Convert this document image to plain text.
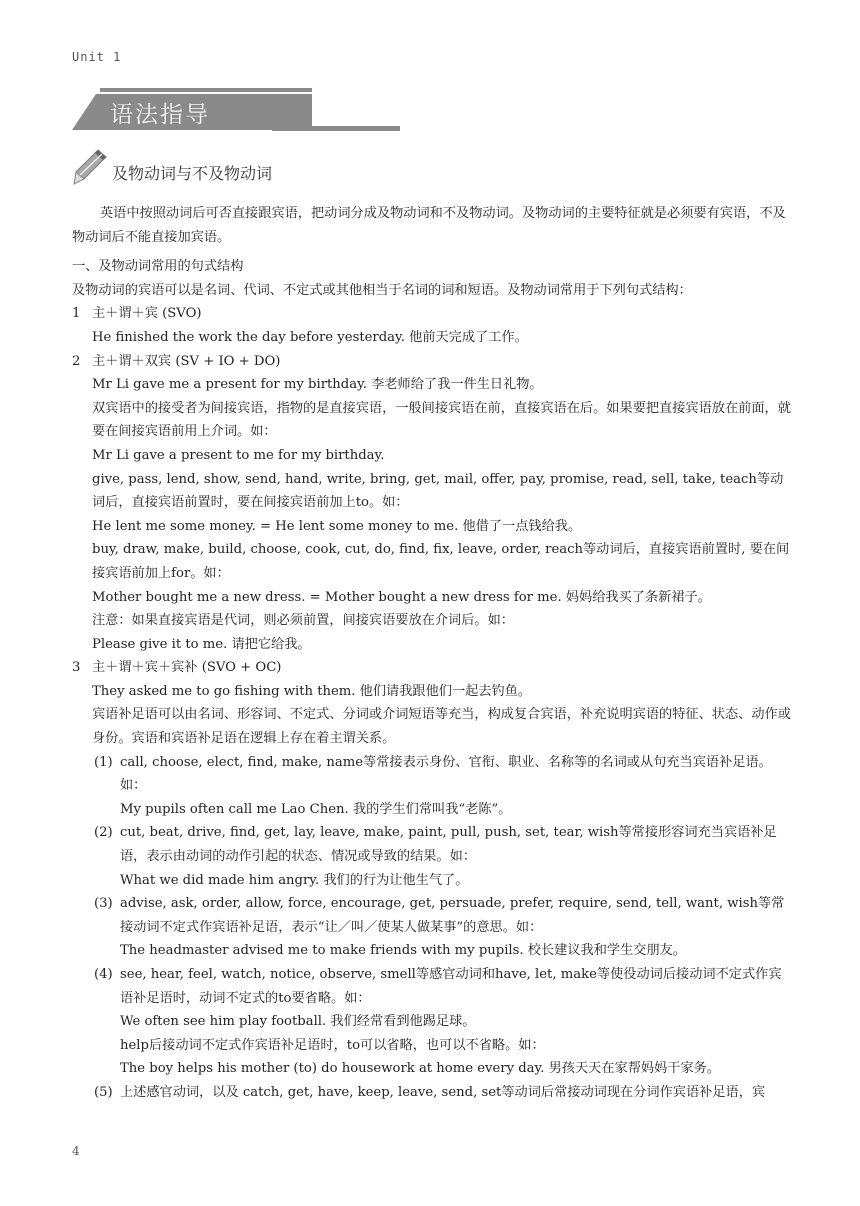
Unit 1
语法指导
及物动词与不及物动词

英语中按照动词后可否直接跟宾语，把动词分成及物动词和不及物动词。及物动词的主要特征就是必须要有宾语，不及物动词后不能直接加宾语。

一、及物动词常用的句式结构

及物动词的宾语可以是名词、代词、不定式或其他相当于名词的词和短语。及物动词常用于下列句式结构：

1 主＋谓＋宾 (SVO)

He finished the work the day before yesterday. 他前天完成了工作。

2 主＋谓＋双宾 (SV + IO + DO)

Mr Li gave me a present for my birthday. 李老师给了我一件生日礼物。

双宾语中的接受者为间接宾语，指物的是直接宾语，一般间接宾语在前，直接宾语在后。如果要把直接宾语放在前面，就要在间接宾语前用上介词。如：

Mr Li gave a present to me for my birthday.

give, pass, lend, show, send, hand, write, bring, get, mail, offer, pay, promise, read, sell, take, teach等动词后，直接宾语前置时，要在间接宾语前加上to。如：

He lent me some money. = He lent some money to me. 他借了一点钱给我。

buy, draw, make, build, choose, cook, cut, do, find, fix, leave, order, reach等动词后，直接宾语前置时, 要在间接宾语前加上for。如：

Mother bought me a new dress. = Mother bought a new dress for me. 妈妈给我买了条新裙子。

注意：如果直接宾语是代词，则必须前置，间接宾语要放在介词后。如：

Please give it to me. 请把它给我。

3 主＋谓＋宾＋宾补 (SVO + OC)

They asked me to go fishing with them. 他们请我跟他们一起去钓鱼。

宾语补足语可以由名词、形容词、不定式、分词或介词短语等充当，构成复合宾语，补充说明宾语的特征、状态、动作或身份。宾语和宾语补足语在逻辑上存在着主谓关系。

(1) call, choose, elect, find, make, name等常接表示身份、官衔、职业、名称等的名词或从句充当宾语补足语。如：

My pupils often call me Lao Chen. 我的学生们常叫我“老陈”。

(2) cut, beat, drive, find, get, lay, leave, make, paint, pull, push, set, tear, wish等常接形容词充当宾语补足语，表示由动词的动作引起的状态、情况或导致的结果。如：

What we did made him angry. 我们的行为让他生气了。

(3) advise, ask, order, allow, force, encourage, get, persuade, prefer, require, send, tell, want, wish等常接动词不定式作宾语补足语，表示“让／叫／使某人做某事”的意思。如：

The headmaster advised me to make friends with my pupils. 校长建议我和学生交朋友。

(4) see, hear, feel, watch, notice, observe, smell等感官动词和have, let, make等使役动词后接动词不定式作宾语补足语时，动词不定式的to要省略。如：

We often see him play football. 我们经常看到他踢足球。

help后接动词不定式作宾语补足语时，to可以省略，也可以不省略。如：

The boy helps his mother (to) do housework at home every day. 男孩天天在家帮妈妈干家务。

(5) 上述感官动词，以及 catch, get, have, keep, leave, send, set等动词后常接动词现在分词作宾语补足语，宾

4
